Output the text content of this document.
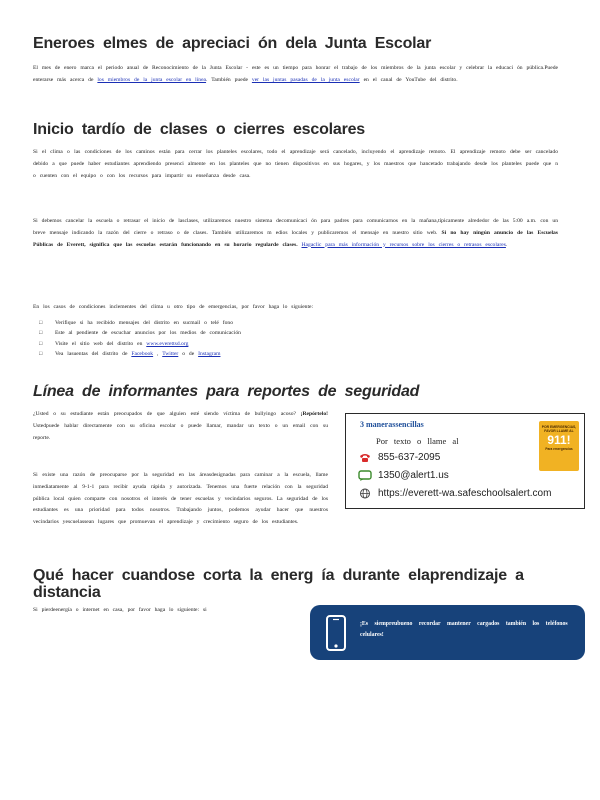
Eneroes elmes de apreciaci ón dela Junta Escolar

El mes de enero marca el periodo anual de Reconocimiento de la Junta Escolar - este es un tiempo para honrar el trabajo de los miembros de la junta escolar y celebrar la educaci ón pública.Puede enterarse más acerca de los miembros de la junta escolar en línea. También puede ver las juntas pasadas de la junta escolar en el canal de YouTube del distrito.

Inicio tardío de clases o cierres escolares

Si el clima o las condiciones de los caminos están para cerrar los planteles escolares, todo el aprendizaje será cancelado, incluyendo el aprendizaje remoto. El aprendizaje remoto debe ser cancelado debido a que puede haber estudiantes aprendiendo presenci almente en los planteles que no tienen dispositivos en sus hogares, y los maestros que hancetado trabajando desde los planteles puede que n o cuenten con el equipo o con los recursos para impartir su enseñanza desde casa.

Si debemos cancelar la escuela o retrasar el inicio de lasclases, utilizaremos nuestro sistema decomunicaci ón para padres para comunicarnos en la mañana,típicamente alrededor de las 5:00 a.m. con un breve mensaje indicando la razón del cierre o retraso o de clases. También utilizaremos m edios locales y publicaremos el mensaje en nuestro sitio web. Si no hay ningún anuncio de las Escuelas Públicas de Everett, significa que las escuelas estarán funcionando en su horario regularde clases. Hagaclic para más información y recursos sobre los cierres o retrasos escolares.

En los casos de condiciones inclementes del clima u otro tipo de emergencias, por favor haga lo siguiente:

□ Verifique si ha recibido mensajes del distrito en sucmail o telé fono
□ Este al pendiente de escuchar anuncios por los medios de comunicación
□ Visite el sitio web del distrito en www.everettsd.org
□ Vea lasuentas del distrito de Facebook , Twitter o de Instagram
Línea de informantes para reportes de seguridad

¿Usted o su estudiante están preocupados de que alguien esté siendo víctima de bullyingo acoso? ¡Repórtelo! Ustedpuede hablar directamente con su oficina escolar o puede llamar, mandar un texto o un email con su reporte.

Si existe una razón de preocuparse por la seguridad en las áreasdesignadas para caminar a la escuela, llame inmediatamente al 9-1-1 para recibir ayuda rápida y autorizada. Tenemos una fuerte relación con la seguridad pública local quien comparte con nosotros el interés de tener escuelas y vecindarios seguros. La seguridad de los estudiantes es una prioridad para todos nosotros. Trabajando juntos, podemos ayudar hacer que nuestros vecindarios yescuelassean lugares que promuevan el aprendizaje y crecimiento seguro de los estudiantes.

3 manerassencillas
Por texto o llame al
855-637-2095
1350@alert1.us
https://everett-wa.safeschoolsalert.com
POR EMERGENCIAS, FAVOR LLAME AL
911!
Para emergencias
Qué hacer cuandose corta la energ ía durante elaprendizaje a distancia

Si pierdeenergía o internet en casa, por favor haga lo siguiente: si

¡Es siempreubueno recordar mantener cargados también los teléfonos celulares!
